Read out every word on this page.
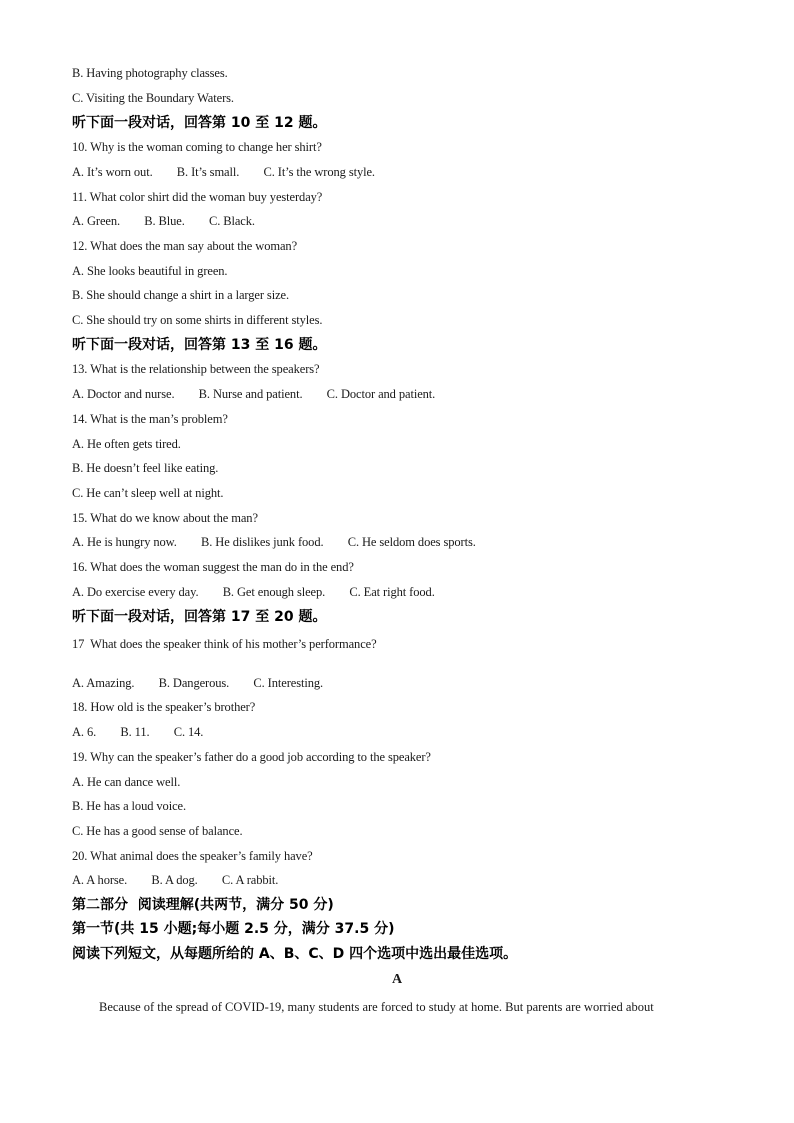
B. Having photography classes.
C. Visiting the Boundary Waters.
听下面一段对话，回答第 10 至 12 题。
10. Why is the woman coming to change her shirt?
A. It’s worn out.        B. It’s small.        C. It’s the wrong style.
11. What color shirt did the woman buy yesterday?
A. Green.        B. Blue.        C. Black.
12. What does the man say about the woman?
A. She looks beautiful in green.
B. She should change a shirt in a larger size.
C. She should try on some shirts in different styles.
听下面一段对话，回答第 13 至 16 题。
13. What is the relationship between the speakers?
A. Doctor and nurse.        B. Nurse and patient.        C. Doctor and patient.
14. What is the man’s problem?
A. He often gets tired.
B. He doesn’t feel like eating.
C. He can’t sleep well at night.
15. What do we know about the man?
A. He is hungry now.        B. He dislikes junk food.        C. He seldom does sports.
16. What does the woman suggest the man do in the end?
A. Do exercise every day.        B. Get enough sleep.        C. Eat right food.
听下面一段对话，回答第 17 至 20 题。
17  What does the speaker think of his mother’s performance?
A. Amazing.        B. Dangerous.        C. Interesting.
18. How old is the speaker’s brother?
A. 6.        B. 11.        C. 14.
19. Why can the speaker’s father do a good job according to the speaker?
A. He can dance well.
B. He has a loud voice.
C. He has a good sense of balance.
20. What animal does the speaker’s family have?
A. A horse.        B. A dog.        C. A rabbit.
第二部分  阅读理解(共两节，满分 50 分)
第一节(共 15 小题;每小题 2.5 分，满分 37.5 分)
阅读下列短文，从每题所给的 A、B、C、D 四个选项中选出最佳选项。
A
Because of the spread of COVID-19, many students are forced to study at home. But parents are worried about
